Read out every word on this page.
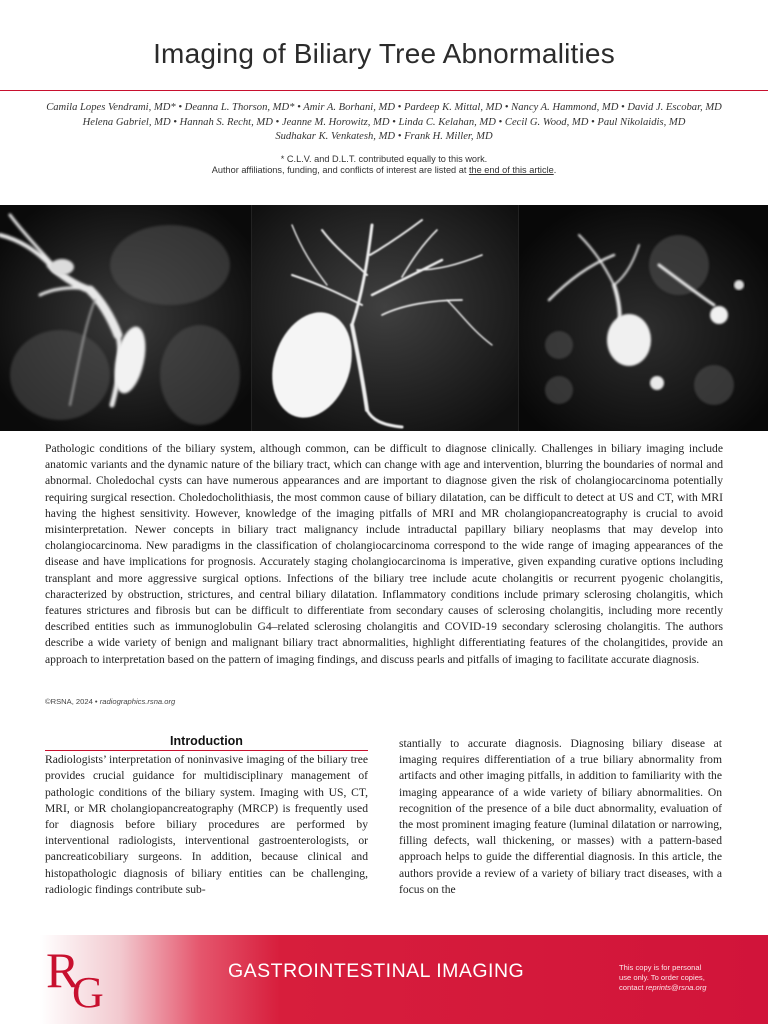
Imaging of Biliary Tree Abnormalities
Camila Lopes Vendrami, MD* • Deanna L. Thorson, MD* • Amir A. Borhani, MD • Pardeep K. Mittal, MD • Nancy A. Hammond, MD • David J. Escobar, MD
Helena Gabriel, MD • Hannah S. Recht, MD • Jeanne M. Horowitz, MD • Linda C. Kelahan, MD • Cecil G. Wood, MD • Paul Nikolaidis, MD
Sudhakar K. Venkatesh, MD • Frank H. Miller, MD
* C.L.V. and D.L.T. contributed equally to this work.
Author affiliations, funding, and conflicts of interest are listed at the end of this article.
Pathologic conditions of the biliary system, although common, can be difficult to diagnose clinically. Challenges in biliary imaging include anatomic variants and the dynamic nature of the biliary tract, which can change with age and intervention, blurring the boundaries of normal and abnormal. Choledochal cysts can have numerous appearances and are important to diagnose given the risk of cholangiocarcinoma potentially requiring surgical resection. Choledocholithiasis, the most common cause of biliary dilatation, can be difficult to detect at US and CT, with MRI having the highest sensitivity. However, knowledge of the imaging pitfalls of MRI and MR cholangiopancreatography is crucial to avoid misinterpretation. Newer concepts in biliary tract malignancy include intraductal papillary biliary neoplasms that may develop into cholangiocarcinoma. New paradigms in the classification of cholangiocarcinoma correspond to the wide range of imaging appearances of the disease and have implications for prognosis. Accurately staging cholangiocarcinoma is imperative, given expanding curative options including transplant and more aggressive surgical options. Infections of the biliary tree include acute cholangitis or recurrent pyogenic cholangitis, characterized by obstruction, strictures, and central biliary dilatation. Inflammatory conditions include primary sclerosing cholangitis, which features strictures and fibrosis but can be difficult to differentiate from secondary causes of sclerosing cholangitis, including more recently described entities such as immunoglobulin G4–related sclerosing cholangitis and COVID-19 secondary sclerosing cholangitis. The authors describe a wide variety of benign and malignant biliary tract abnormalities, highlight differentiating features of the cholangitides, provide an approach to interpretation based on the pattern of imaging findings, and discuss pearls and pitfalls of imaging to facilitate accurate diagnosis.
©RSNA, 2024 • radiographics.rsna.org
Introduction
Radiologists’ interpretation of noninvasive imaging of the biliary tree provides crucial guidance for multidisciplinary management of pathologic conditions of the biliary system. Imaging with US, CT, MRI, or MR cholangiopancreatography (MRCP) is frequently used for diagnosis before biliary procedures are performed by interventional radiologists, interventional gastroenterologists, or pancreaticobiliary surgeons. In addition, because clinical and histopathologic diagnosis of biliary entities can be challenging, radiologic findings contribute sub-
stantially to accurate diagnosis. Diagnosing biliary disease at imaging requires differentiation of a true biliary abnormality from artifacts and other imaging pitfalls, in addition to familiarity with the imaging appearance of a wide variety of biliary abnormalities. On recognition of the presence of a bile duct abnormality, evaluation of the most prominent imaging feature (luminal dilatation or narrowing, filling defects, wall thickening, or masses) with a pattern-based approach helps to guide the differential diagnosis. In this article, the authors provide a review of a variety of biliary tract diseases, with a focus on the
R
G	GASTROINTESTINAL IMAGING	This copy is for personal
use only. To order copies,
contact reprints@rsna.org
